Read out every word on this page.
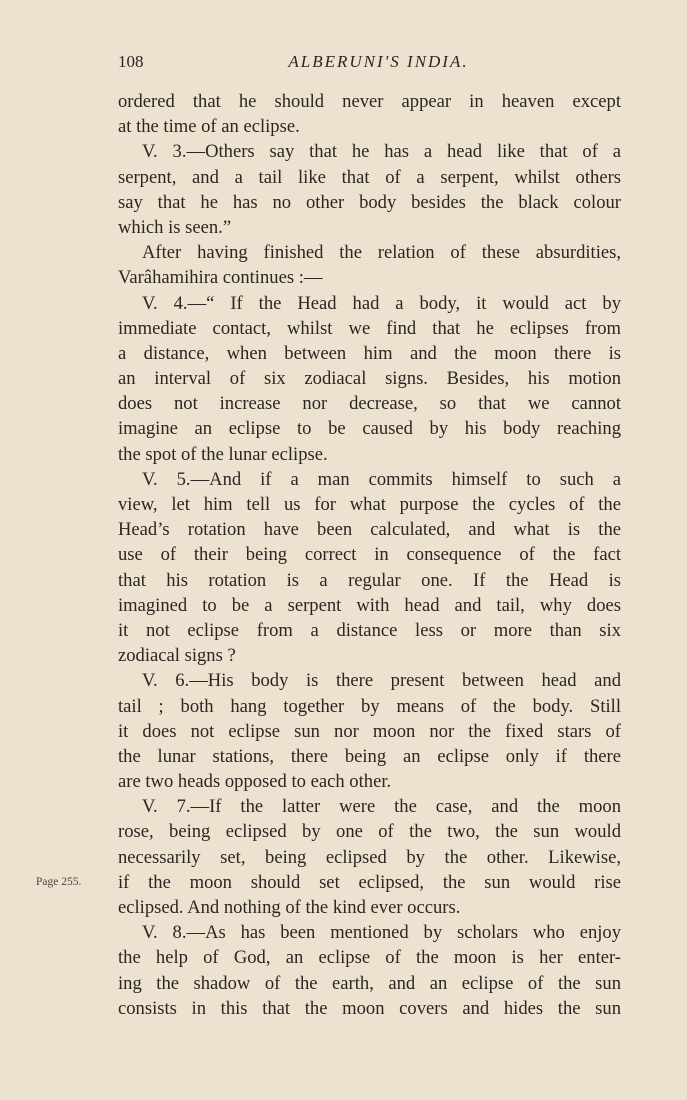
108	ALBERUNI'S INDIA.
Page 255.
ordered that he should never appear in heaven except
at the time of an eclipse.
V. 3.—Others say that he has a head like that of a
serpent, and a tail like that of a serpent, whilst others
say that he has no other body besides the black colour
which is seen.”
After having finished the relation of these absurdities,
Varâhamihira continues :—
V. 4.—“ If the Head had a body, it would act by
immediate contact, whilst we find that he eclipses from
a distance, when between him and the moon there is
an interval of six zodiacal signs. Besides, his motion
does not increase nor decrease, so that we cannot
imagine an eclipse to be caused by his body reaching
the spot of the lunar eclipse.
V. 5.—And if a man commits himself to such a
view, let him tell us for what purpose the cycles of the
Head’s rotation have been calculated, and what is the
use of their being correct in consequence of the fact
that his rotation is a regular one. If the Head is
imagined to be a serpent with head and tail, why does
it not eclipse from a distance less or more than six
zodiacal signs ?
V. 6.—His body is there present between head and
tail ; both hang together by means of the body. Still
it does not eclipse sun nor moon nor the fixed stars of
the lunar stations, there being an eclipse only if there
are two heads opposed to each other.
V. 7.—If the latter were the case, and the moon
rose, being eclipsed by one of the two, the sun would
necessarily set, being eclipsed by the other. Likewise,
if the moon should set eclipsed, the sun would rise
eclipsed. And nothing of the kind ever occurs.
V. 8.—As has been mentioned by scholars who enjoy
the help of God, an eclipse of the moon is her enter-
ing the shadow of the earth, and an eclipse of the sun
consists in this that the moon covers and hides the sun
